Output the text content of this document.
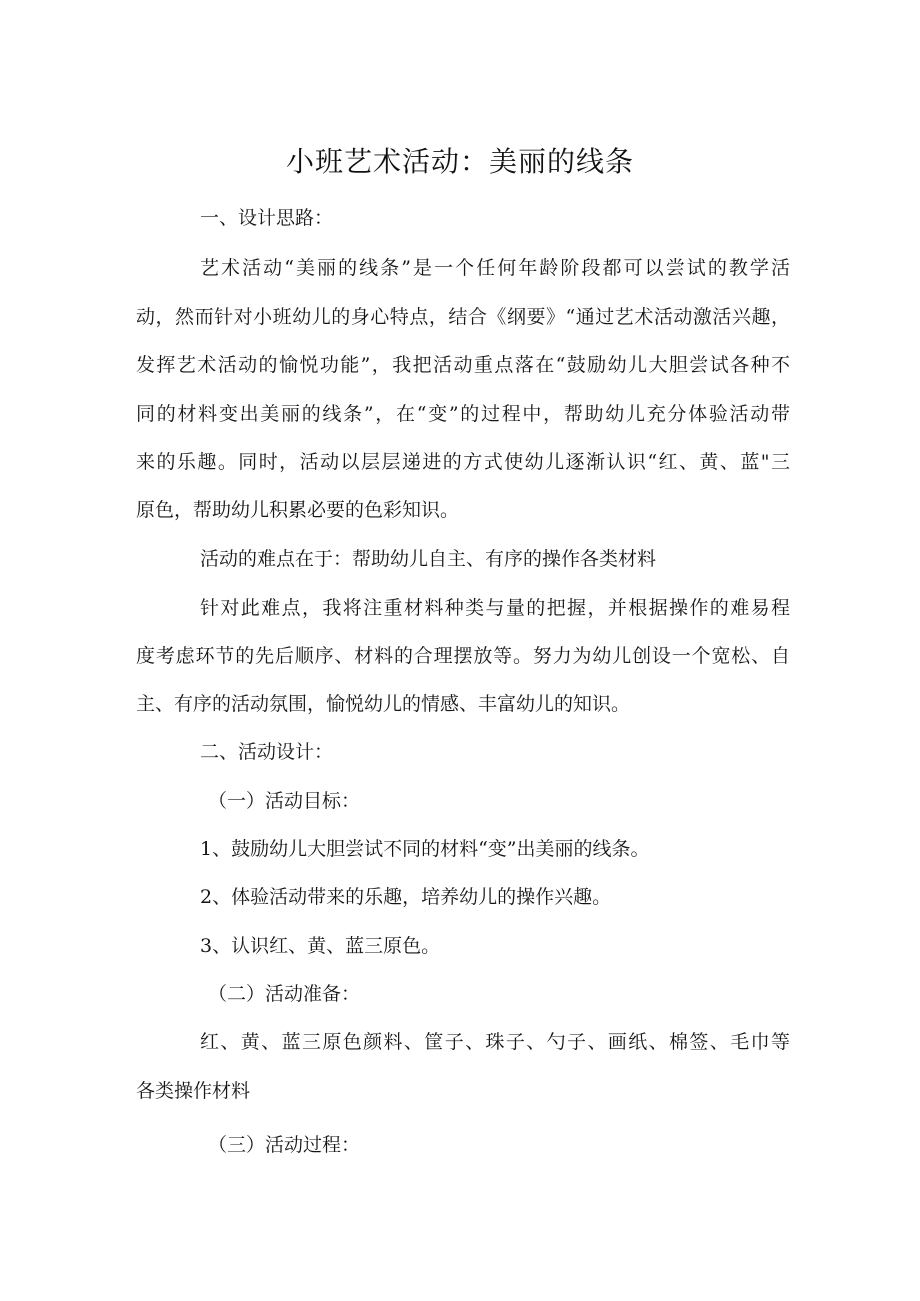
小班艺术活动：美丽的线条
一、设计思路：
艺术活动“美丽的线条”是一个任何年龄阶段都可以尝试的教学活
动，然而针对小班幼儿的身心特点，结合《纲要》“通过艺术活动激活兴趣，
发挥艺术活动的愉悦功能”，我把活动重点落在“鼓励幼儿大胆尝试各种不
同的材料变出美丽的线条”，在“变”的过程中，帮助幼儿充分体验活动带
来的乐趣。同时，活动以层层递进的方式使幼儿逐渐认识“红、黄、蓝"三
原色，帮助幼儿积累必要的色彩知识。
活动的难点在于：帮助幼儿自主、有序的操作各类材料
针对此难点，我将注重材料种类与量的把握，并根据操作的难易程
度考虑环节的先后顺序、材料的合理摆放等。努力为幼儿创设一个宽松、自
主、有序的活动氛围，愉悦幼儿的情感、丰富幼儿的知识。
二、活动设计：
（一）活动目标：
1、鼓励幼儿大胆尝试不同的材料“变”出美丽的线条。
2、体验活动带来的乐趣，培养幼儿的操作兴趣。
3、认识红、黄、蓝三原色。
（二）活动准备：
红、黄、蓝三原色颜料、筐子、珠子、勺子、画纸、棉签、毛巾等
各类操作材料
（三）活动过程：
